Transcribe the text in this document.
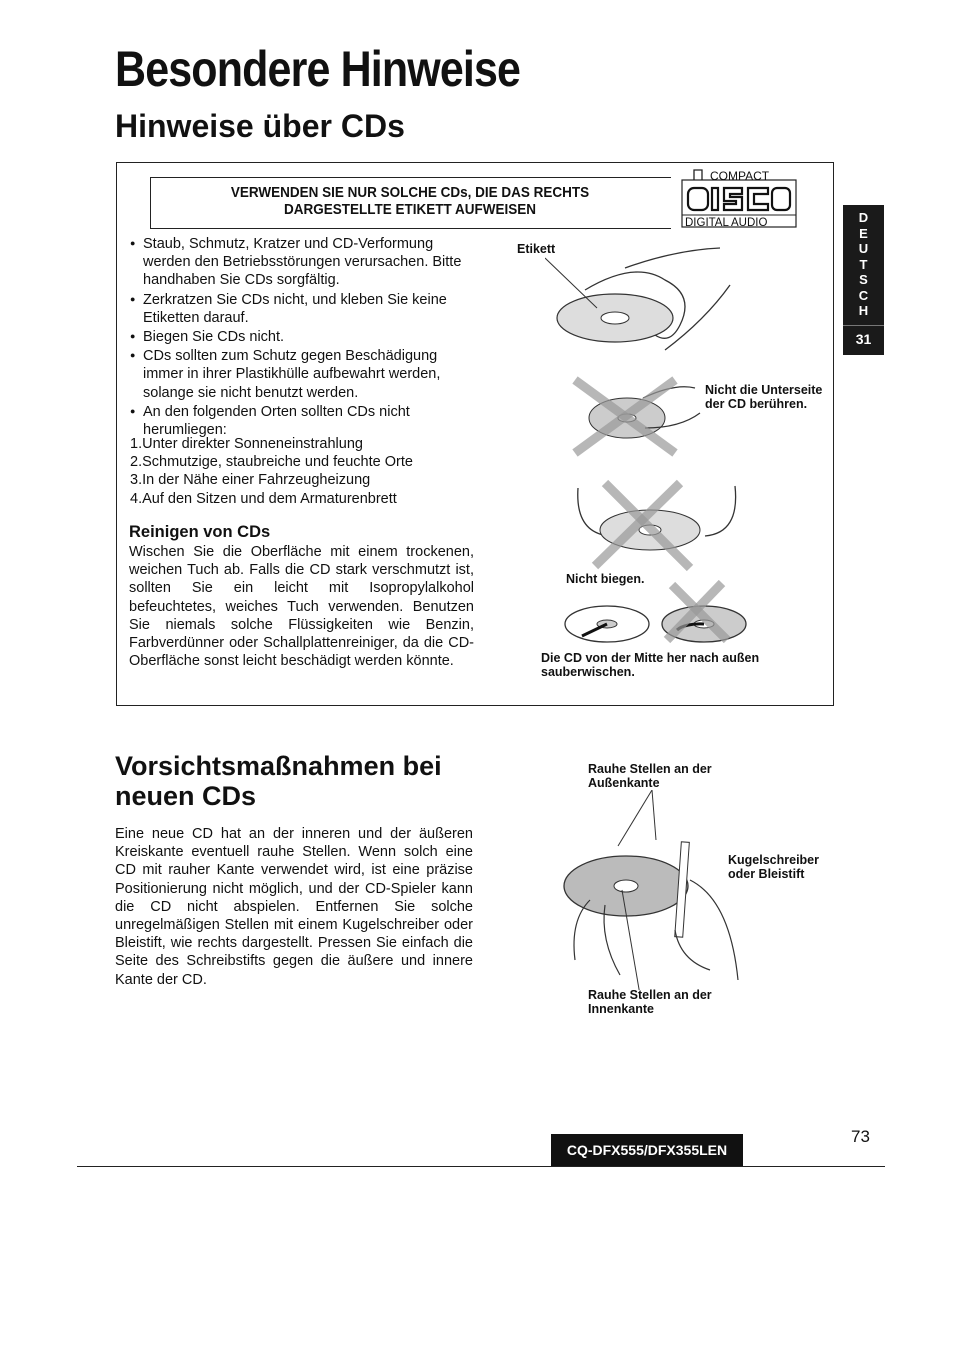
Besondere Hinweise
Hinweise über CDs
VERWENDEN SIE NUR SOLCHE CDs, DIE DAS RECHTS DARGESTELLTE ETIKETT AUFWEISEN
COMPACT
DIGITAL AUDIO
● Staub, Schmutz, Kratzer und CD-Verformung werden den Betriebsstörungen verursachen. Bitte handhaben Sie CDs sorgfältig.
● Zerkratzen Sie CDs nicht, und kleben Sie keine Etiketten darauf.
● Biegen Sie CDs nicht.
● CDs sollten zum Schutz gegen Beschädigung immer in ihrer Plastikhülle aufbewahrt werden, solange sie nicht benutzt werden.
● An den folgenden Orten sollten CDs nicht herumliegen:
1.Unter direkter Sonneneinstrahlung
2.Schmutzige, staubreiche und feuchte Orte
3.In der Nähe einer Fahrzeugheizung
4.Auf den Sitzen und dem Armaturenbrett
Reinigen von CDs
Wischen Sie die Oberfläche mit einem trockenen, weichen Tuch ab. Falls die CD stark verschmutzt ist, sollten Sie ein leicht mit Isopropylalkohol befeuchtetes, weiches Tuch verwenden. Benutzen Sie niemals solche Flüssigkeiten wie Benzin, Farbverdünner oder Schallplattenreiniger, da die CD-Oberfläche sonst leicht beschädigt werden könnte.
Etikett
Nicht die Unterseite der CD berühren.
Nicht biegen.
Die CD von der Mitte her nach außen sauberwischen.
Vorsichtsmaßnahmen bei neuen CDs
Eine neue CD hat an der inneren und der äußeren Kreiskante eventuell rauhe Stellen. Wenn solch eine CD mit rauher Kante verwendet wird, ist eine präzise Positionierung nicht möglich, und der CD-Spieler kann die CD nicht abspielen. Entfernen Sie solche unregelmäßigen Stellen mit einem Kugelschreiber oder Bleistift, wie rechts dargestellt. Pressen Sie einfach die Seite des Schreibstifts gegen die äußere und innere Kante der CD.
Rauhe Stellen an der Außenkante
Kugelschreiber oder Bleistift
Rauhe Stellen an der Innenkante
D
E
U
T
S
C
H
31
CQ-DFX555/DFX355LEN
73
